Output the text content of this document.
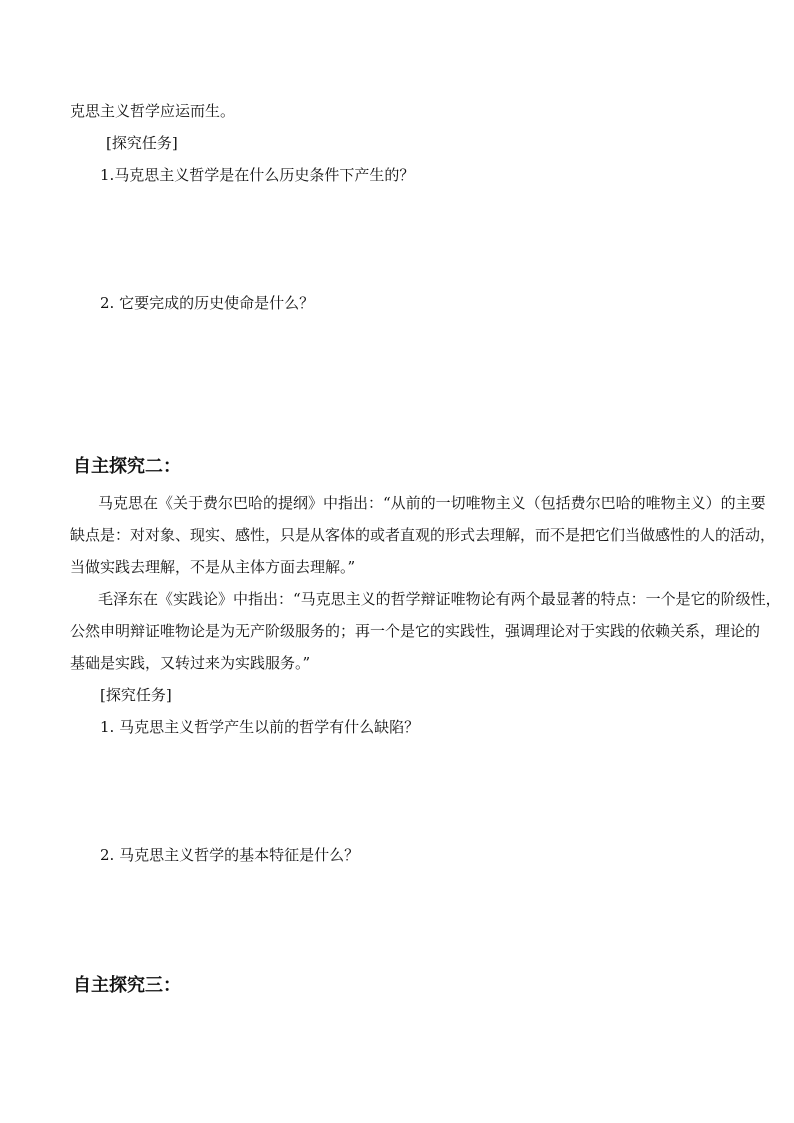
克思主义哲学应运而生。
[探究任务]
1.马克思主义哲学是在什么历史条件下产生的？
2. 它要完成的历史使命是什么？
自主探究二：
马克思在《关于费尔巴哈的提纲》中指出：“从前的一切唯物主义（包括费尔巴哈的唯物主义）的主要
缺点是：对对象、现实、感性，只是从客体的或者直观的形式去理解，而不是把它们当做感性的人的活动，
当做实践去理解，不是从主体方面去理解。”
毛泽东在《实践论》中指出：“马克思主义的哲学辩证唯物论有两个最显著的特点：一个是它的阶级性，
公然申明辩证唯物论是为无产阶级服务的；再一个是它的实践性，强调理论对于实践的依赖关系，理论的
基础是实践，又转过来为实践服务。”
[探究任务]
1. 马克思主义哲学产生以前的哲学有什么缺陷？
2. 马克思主义哲学的基本特征是什么？
自主探究三：
